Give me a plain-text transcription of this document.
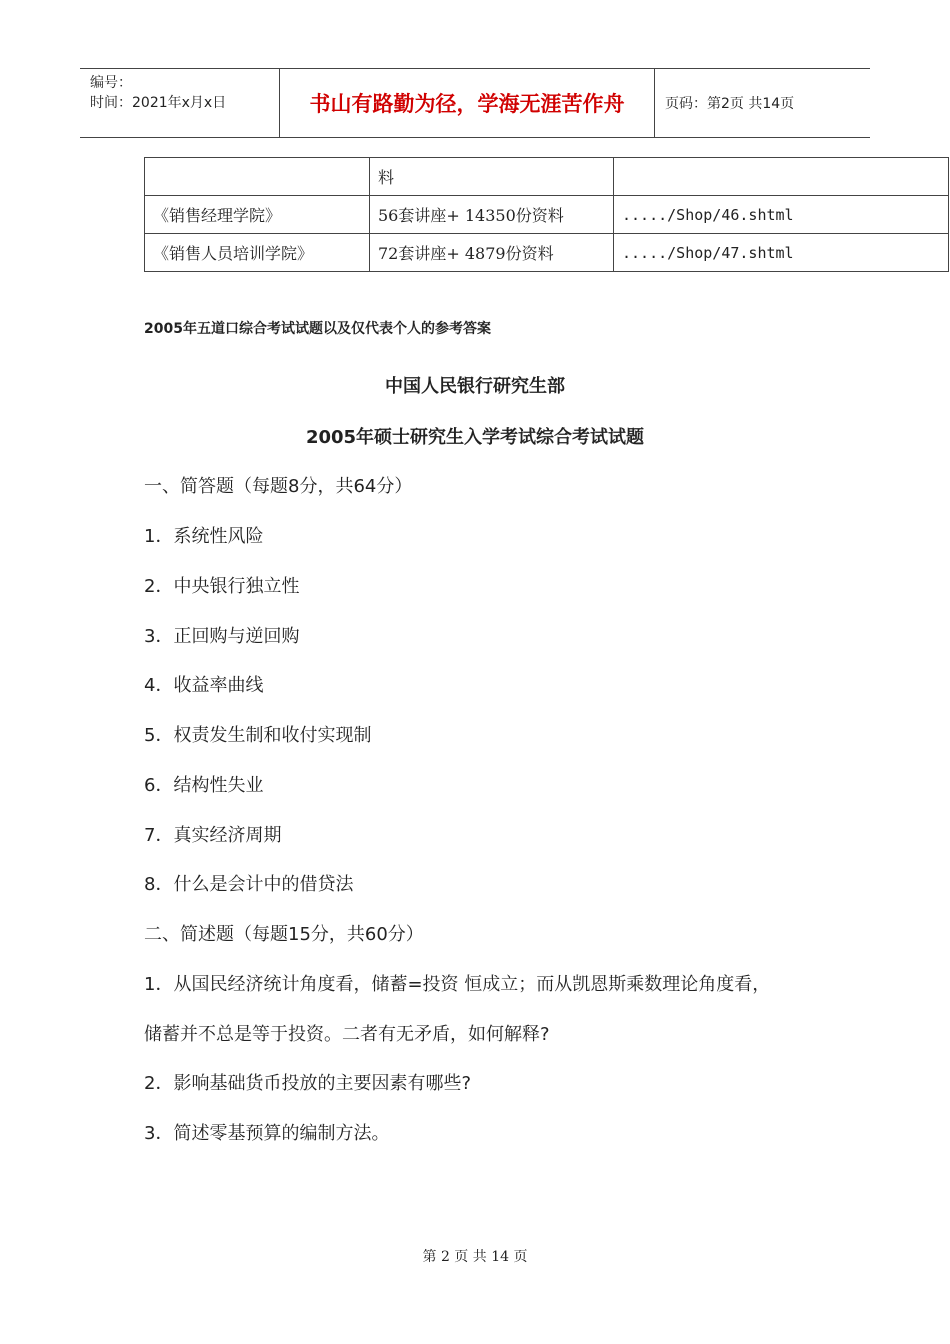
编号：
时间：2021年x月x日	书山有路勤为径，学海无涯苦作舟	页码：第2页 共14页
	料	
《销售经理学院》	56套讲座+ 14350份资料	...../Shop/46.shtml
《销售人员培训学院》	72套讲座+ 4879份资料	...../Shop/47.shtml
2005年五道口综合考试试题以及仅代表个人的参考答案
中国人民银行研究生部
2005年硕士研究生入学考试综合考试试题
一、简答题（每题8分，共64分）
1．系统性风险
2．中央银行独立性
3．正回购与逆回购
4．收益率曲线
5．权责发生制和收付实现制
6．结构性失业
7．真实经济周期
8．什么是会计中的借贷法
二、简述题（每题15分，共60分）
1．从国民经济统计角度看，储蓄=投资 恒成立；而从凯恩斯乘数理论角度看，
储蓄并不总是等于投资。二者有无矛盾，如何解释?
2．影响基础货币投放的主要因素有哪些?
3．简述零基预算的编制方法。
第 2 页 共 14 页
